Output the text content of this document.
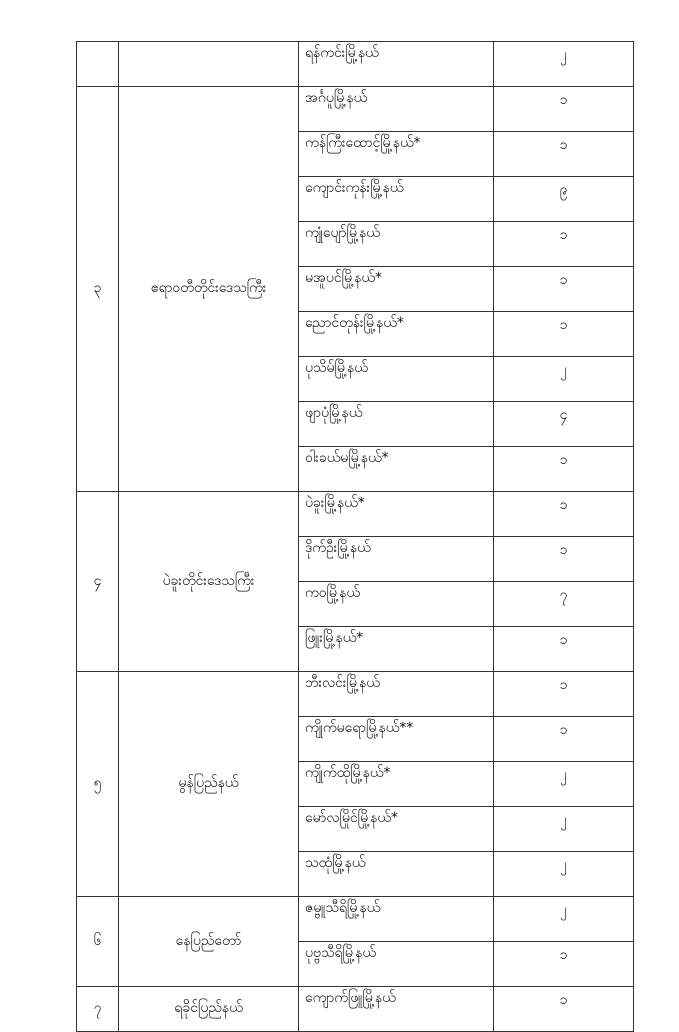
		ရန်ကင်းမြို့နယ်	၂
၃	ဧရာဝတီတိုင်းဒေသကြီး	အင်္ဂပူမြို့နယ်	၁
		ကန်ကြီးထောင့်မြို့နယ်*	၁
		ကျောင်းကုန်းမြို့နယ်	၉
		ကျုံပျော်မြို့နယ်	၁
		မအူပင်မြို့နယ်*	၁
		ညောင်တုန်းမြို့နယ်*	၁
		ပုသိမ်မြို့နယ်	၂
		ဖျာပုံမြို့နယ်	၄
		ဝါးခယ်မမြို့နယ်*	၁
၄	ပဲခူးတိုင်းဒေသကြီး	ပဲခူးမြို့နယ်*	၁
		ဒိုက်ဦးမြို့နယ်	၁
		ကဝမြို့နယ်	၇
		ဖြူးမြို့နယ်*	၁
၅	မွန်ပြည်နယ်	ဘီးလင်းမြို့နယ်	၁
		ကျိုက်မရောမြို့နယ်**	၁
		ကျိုက်ထိုမြို့နယ်*	၂
		မော်လမြိုင်မြို့နယ်*	၂
		သထုံမြို့နယ်	၂
၆	နေပြည်တော်	ဇမ္ဗူသီရိမြို့နယ်	၂
		ပုဗ္ဗသီရိမြို့နယ်	၁
၇	ရခိုင်ပြည်နယ်	ကျောက်ဖြူမြို့နယ်	၁
